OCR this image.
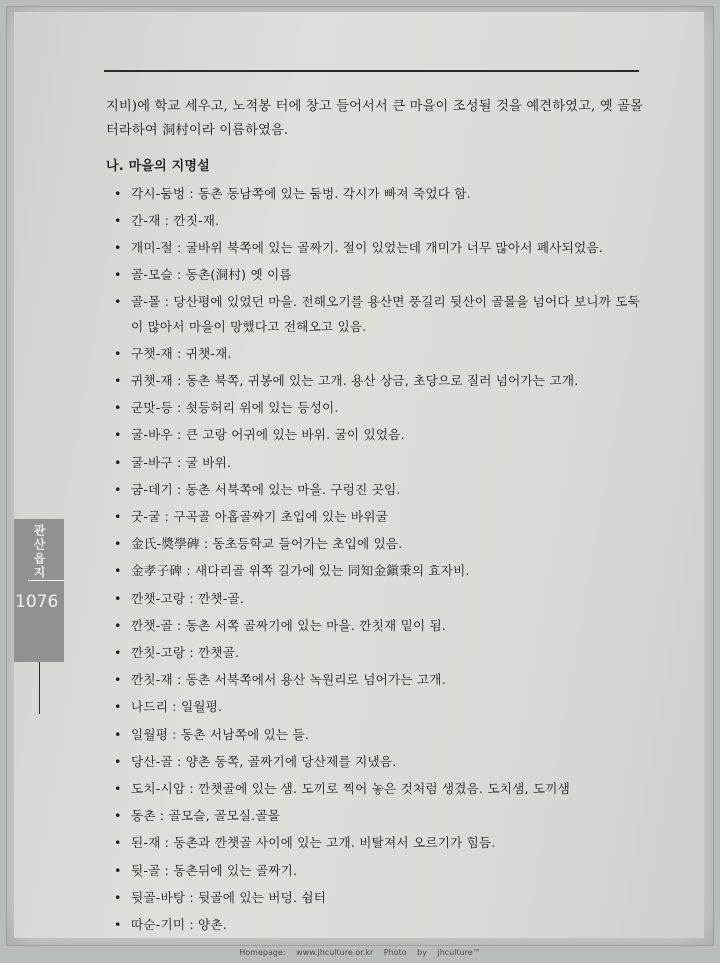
지비)에 학교 세우고, 노적봉 터에 창고 들어서서 큰 마을이 조성될 것을 예견하였고, 옛 골몰터라하여 洞村이라 이름하였음.

나. 마을의 지명설
• 각시-둠벙 : 동촌 동남쪽에 있는 둠벙. 각시가 빠져 죽었다 함.
• 간-재 : 깐짓-재.
• 개미-절 : 굴바위 북쪽에 있는 골짜기. 절이 있었는데 개미가 너무 많아서 폐사되었음.
• 골-모슬 : 동촌(洞村) 옛 이름
• 골-몰 : 당산평에 있었던 마을. 전해오기를 용산면 풍길리 뒷산이 골몰을 넘어다 보니까 도둑이 많아서 마을이 망했다고 전해오고 있음.
• 구챗-재 : 귀챗-재.
• 귀챗-재 : 동촌 북쪽, 귀봉에 있는 고개. 용산 상금, 초당으로 질러 넘어가는 고개.
• 군맛-등 : 쇳등허리 위에 있는 등성이.
• 굴-바우 : 큰 고랑 어귀에 있는 바위. 굴이 있었음.
• 굴-바구 : 굴 바위.
• 굼-데기 : 동촌 서북쪽에 있는 마을. 구렁진 곳임.
• 굿-굴 : 구곡골 아홉골짜기 초입에 있는 바위굴
• 金氏-奬學碑 : 동초등학교 들어가는 초입에 있음.
• 金孝子碑 : 새다리골 위쪽 길가에 있는 同知金鎭秉의 효자비.
• 깐챗-고랑 : 깐챗-골.
• 깐챗-골 : 동촌 서쪽 골짜기에 있는 마을. 깐칫재 밑이 됨.
• 깐칫-고랑 : 깐챗골.
• 깐칫-재 : 동촌 서북쪽에서 용산 녹원리로 넘어가는 고개.
• 나드리 : 일월평.
• 일월평 : 동촌 서남쪽에 있는 들.
• 당산-골 : 양촌 동쪽, 골짜기에 당산제를 지냈음.
• 도치-시암 : 깐챗골에 있는 샘. 도끼로 찍어 놓은 것처럼 생겼음. 도치샘, 도끼샘
• 동촌 : 골모슬, 골모실.골몰
• 된-재 : 동촌과 깐챗골 사이에 있는 고개. 비탈져서 오르기가 힘듬.
• 뒷-골 : 동촌뒤에 있는 골짜기.
• 뒷골-바탕 : 뒷골에 있는 버덩. 쉼터
• 따순-기미 : 양촌.
관산읍지
1076
Homepage: www.jhculture.or.kr Photo by jhculture™
